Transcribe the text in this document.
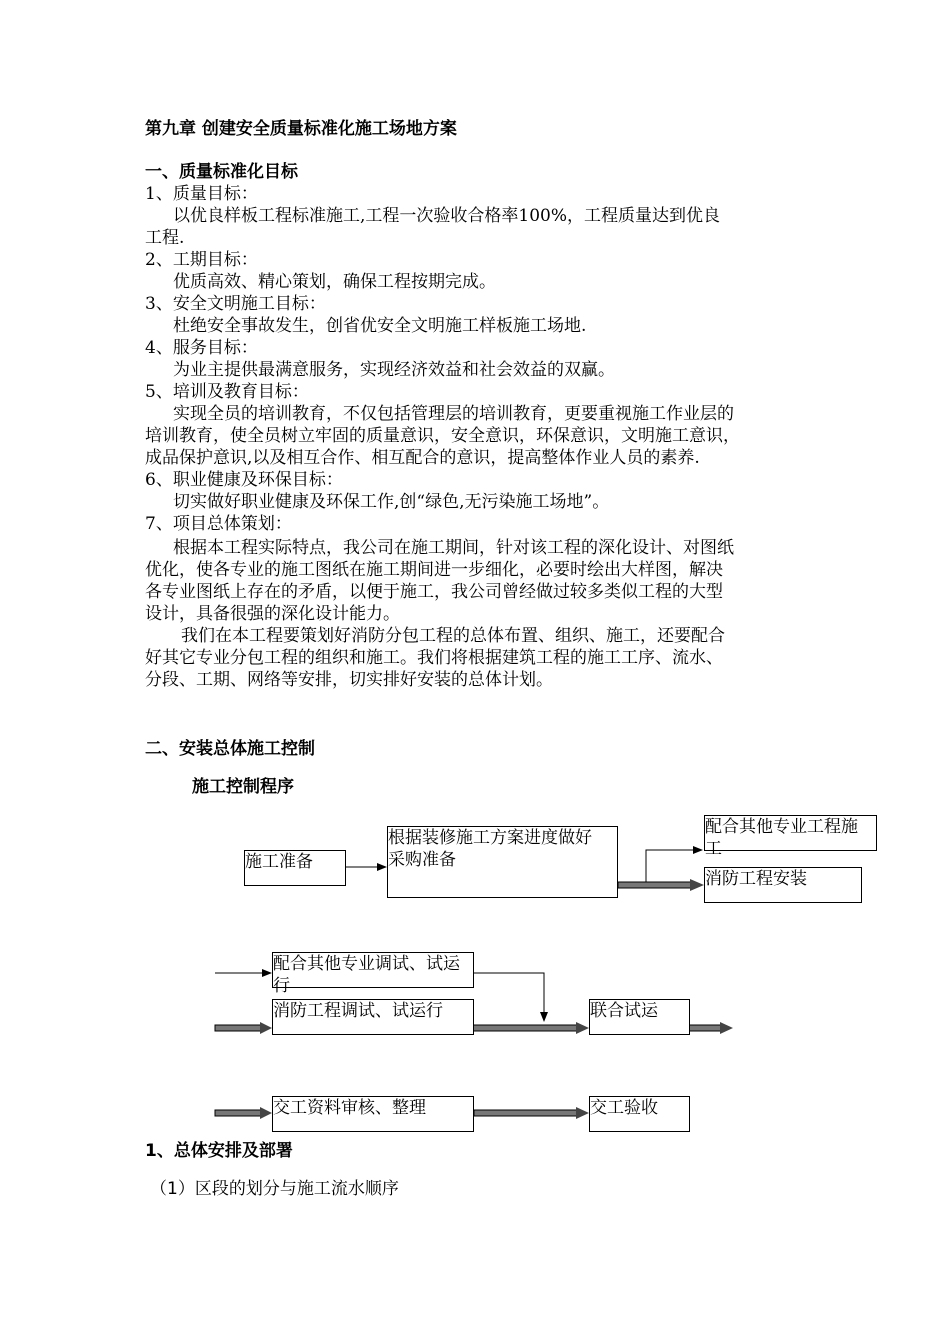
第九章 创建安全质量标准化施工场地方案
一、质量标准化目标
1、质量目标：
以优良样板工程标准施工,工程一次验收合格率100%，工程质量达到优良
工程.
2、工期目标：
优质高效、精心策划，确保工程按期完成。
3、安全文明施工目标：
杜绝安全事故发生，创省优安全文明施工样板施工场地.
4、服务目标：
为业主提供最满意服务，实现经济效益和社会效益的双赢。
5、培训及教育目标：
实现全员的培训教育，不仅包括管理层的培训教育，更要重视施工作业层的
培训教育，使全员树立牢固的质量意识，安全意识，环保意识，文明施工意识，
成品保护意识,以及相互合作、相互配合的意识，提高整体作业人员的素养.
6、职业健康及环保目标：
切实做好职业健康及环保工作,创“绿色,无污染施工场地”。
7、项目总体策划：
根据本工程实际特点，我公司在施工期间，针对该工程的深化设计、对图纸
优化，使各专业的施工图纸在施工期间进一步细化，必要时绘出大样图，解决
各专业图纸上存在的矛盾，以便于施工，我公司曾经做过较多类似工程的大型
设计，具备很强的深化设计能力。
我们在本工程要策划好消防分包工程的总体布置、组织、施工，还要配合
好其它专业分包工程的组织和施工。我们将根据建筑工程的施工工序、流水、
分段、工期、网络等安排，切实排好安装的总体计划。
二、安装总体施工控制
施工控制程序
施工准备
根据装修施工方案进度做好
采购准备
配合其他专业工程施
工
消防工程安装
配合其他专业调试、试运
行
消防工程调试、试运行	联合试运
交工资料审核、整理	交工验收
1、总体安排及部署
（1）区段的划分与施工流水顺序
